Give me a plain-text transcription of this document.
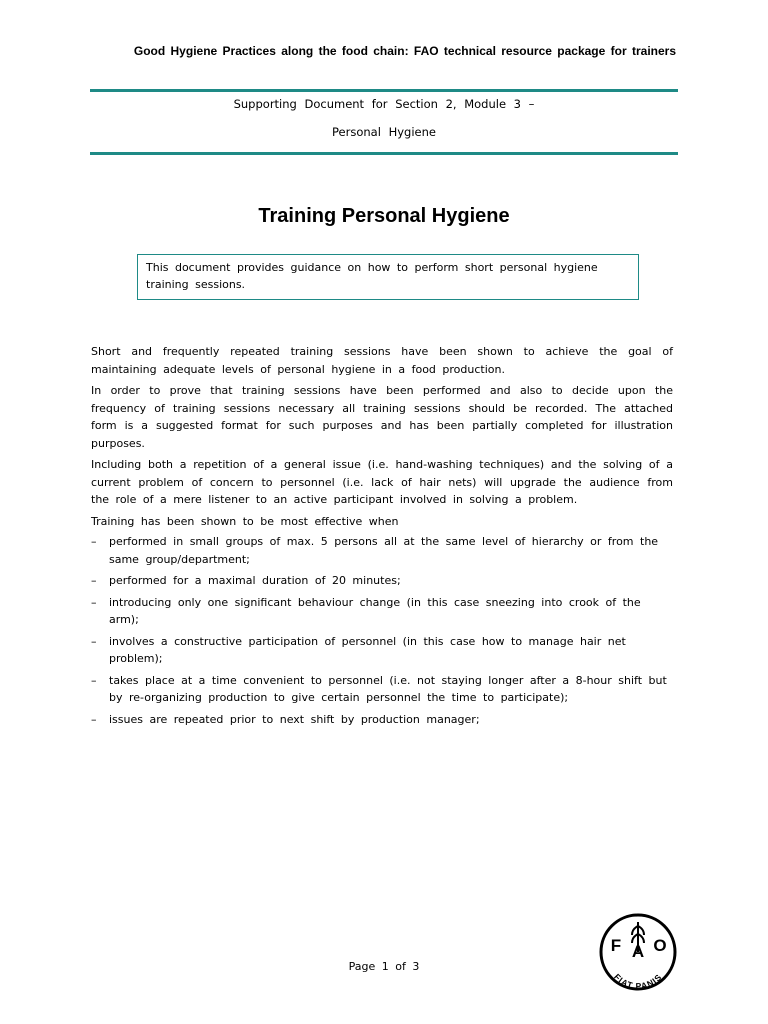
Good Hygiene Practices along the food chain: FAO technical resource package for trainers
Supporting Document for Section 2, Module 3 –
Personal Hygiene
Training Personal Hygiene
This document provides guidance on how to perform short personal hygiene training sessions.

Short and frequently repeated training sessions have been shown to achieve the goal of maintaining adequate levels of personal hygiene in a food production.

In order to prove that training sessions have been performed and also to decide upon the frequency of training sessions necessary all training sessions should be recorded. The attached form is a suggested format for such purposes and has been partially completed for illustration purposes.

Including both a repetition of a general issue (i.e. hand-washing techniques) and the solving of a current problem of concern to personnel (i.e. lack of hair nets) will upgrade the audience from the role of a mere listener to an active participant involved in solving a problem.

Training has been shown to be most effective when

– performed in small groups of max. 5 persons all at the same level of hierarchy or from the same group/department;
– performed for a maximal duration of 20 minutes;
– introducing only one significant behaviour change (in this case sneezing into crook of the arm);
– involves a constructive participation of personnel (in this case how to manage hair net problem);
– takes place at a time convenient to personnel (i.e. not staying longer after a 8-hour shift but by re-organizing production to give certain personnel the time to participate);
– issues are repeated prior to next shift by production manager;
Page 1 of 3
F A O
FIAT PANIS
